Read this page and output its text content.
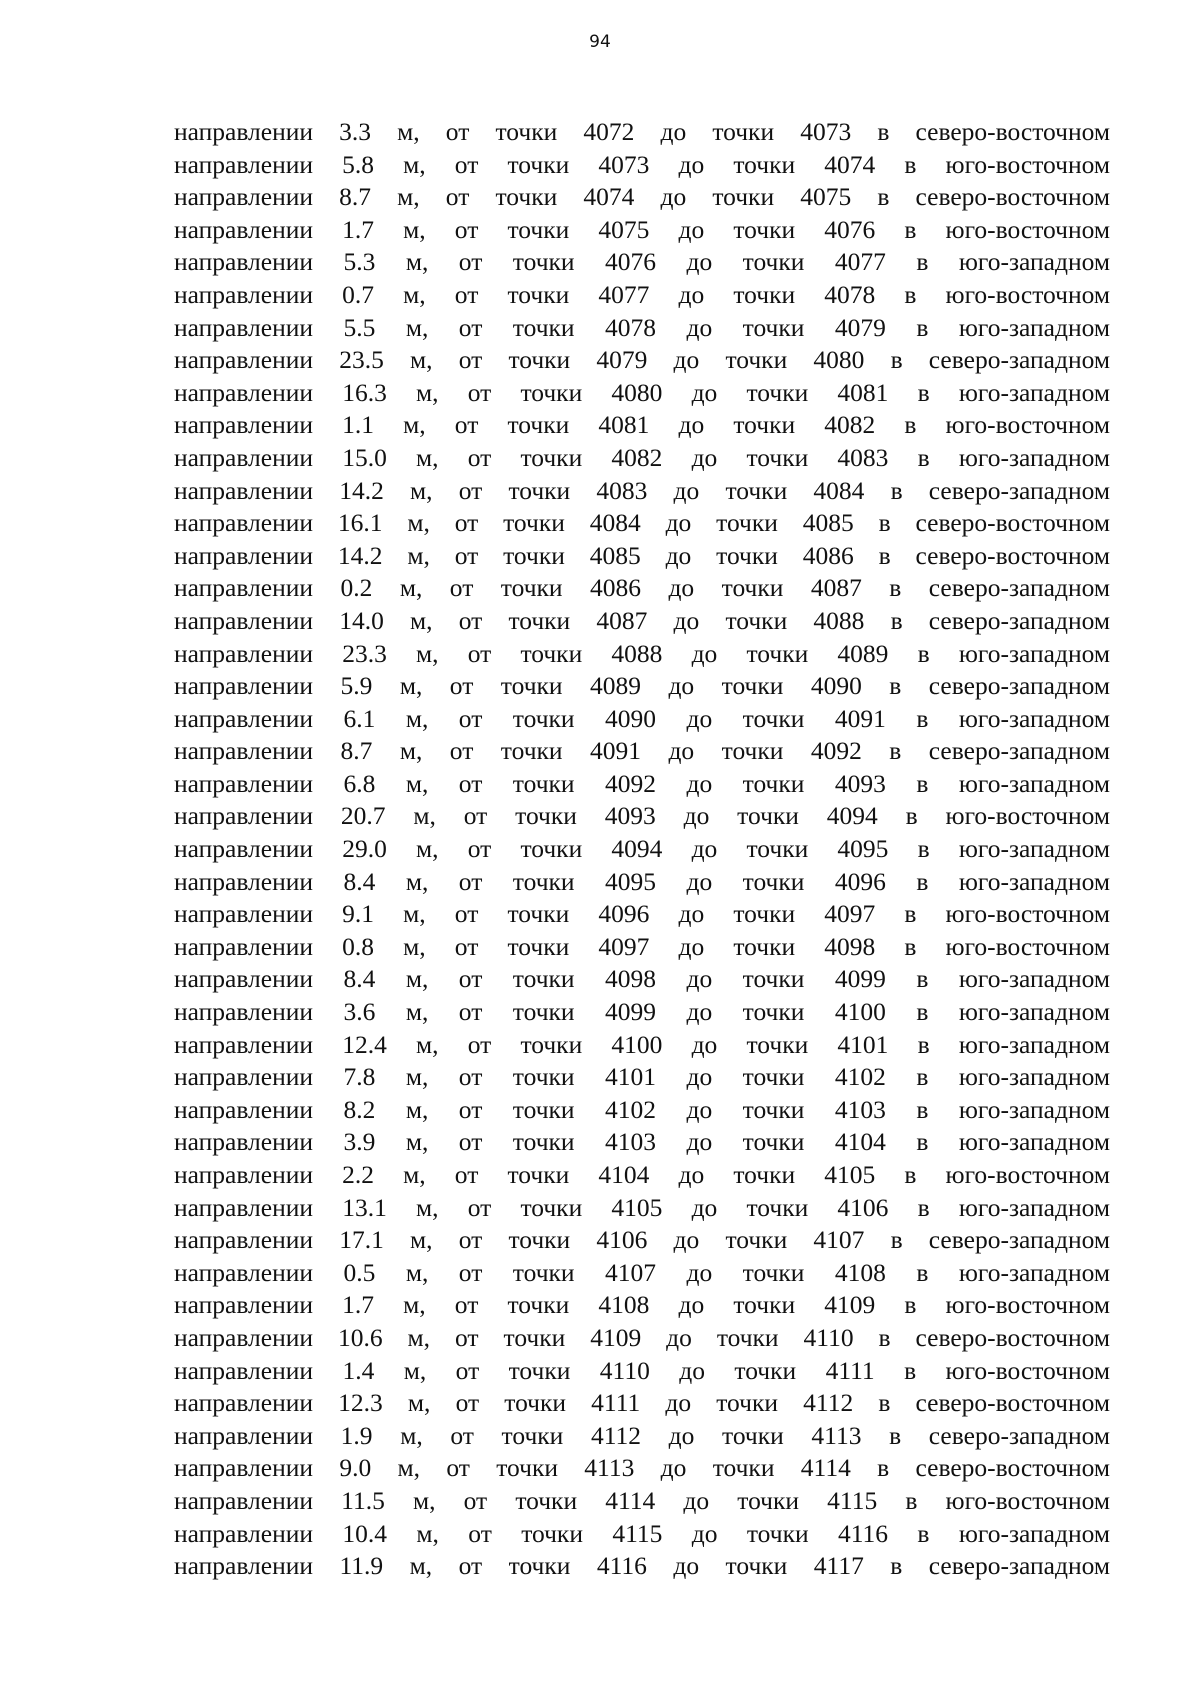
94
направлении 3.3 м, от точки 4072 до точки 4073 в северо-восточном
направлении 5.8 м, от точки 4073 до точки 4074 в юго-восточном
направлении 8.7 м, от точки 4074 до точки 4075 в северо-восточном
направлении 1.7 м, от точки 4075 до точки 4076 в юго-восточном
направлении 5.3 м, от точки 4076 до точки 4077 в юго-западном
направлении 0.7 м, от точки 4077 до точки 4078 в юго-восточном
направлении 5.5 м, от точки 4078 до точки 4079 в юго-западном
направлении 23.5 м, от точки 4079 до точки 4080 в северо-западном
направлении 16.3 м, от точки 4080 до точки 4081 в юго-западном
направлении 1.1 м, от точки 4081 до точки 4082 в юго-восточном
направлении 15.0 м, от точки 4082 до точки 4083 в юго-западном
направлении 14.2 м, от точки 4083 до точки 4084 в северо-западном
направлении 16.1 м, от точки 4084 до точки 4085 в северо-восточном
направлении 14.2 м, от точки 4085 до точки 4086 в северо-восточном
направлении 0.2 м, от точки 4086 до точки 4087 в северо-западном
направлении 14.0 м, от точки 4087 до точки 4088 в северо-западном
направлении 23.3 м, от точки 4088 до точки 4089 в юго-западном
направлении 5.9 м, от точки 4089 до точки 4090 в северо-западном
направлении 6.1 м, от точки 4090 до точки 4091 в юго-западном
направлении 8.7 м, от точки 4091 до точки 4092 в северо-западном
направлении 6.8 м, от точки 4092 до точки 4093 в юго-западном
направлении 20.7 м, от точки 4093 до точки 4094 в юго-восточном
направлении 29.0 м, от точки 4094 до точки 4095 в юго-западном
направлении 8.4 м, от точки 4095 до точки 4096 в юго-западном
направлении 9.1 м, от точки 4096 до точки 4097 в юго-восточном
направлении 0.8 м, от точки 4097 до точки 4098 в юго-восточном
направлении 8.4 м, от точки 4098 до точки 4099 в юго-западном
направлении 3.6 м, от точки 4099 до точки 4100 в юго-западном
направлении 12.4 м, от точки 4100 до точки 4101 в юго-западном
направлении 7.8 м, от точки 4101 до точки 4102 в юго-западном
направлении 8.2 м, от точки 4102 до точки 4103 в юго-западном
направлении 3.9 м, от точки 4103 до точки 4104 в юго-западном
направлении 2.2 м, от точки 4104 до точки 4105 в юго-восточном
направлении 13.1 м, от точки 4105 до точки 4106 в юго-западном
направлении 17.1 м, от точки 4106 до точки 4107 в северо-западном
направлении 0.5 м, от точки 4107 до точки 4108 в юго-западном
направлении 1.7 м, от точки 4108 до точки 4109 в юго-восточном
направлении 10.6 м, от точки 4109 до точки 4110 в северо-восточном
направлении 1.4 м, от точки 4110 до точки 4111 в юго-восточном
направлении 12.3 м, от точки 4111 до точки 4112 в северо-восточном
направлении 1.9 м, от точки 4112 до точки 4113 в северо-западном
направлении 9.0 м, от точки 4113 до точки 4114 в северо-восточном
направлении 11.5 м, от точки 4114 до точки 4115 в юго-восточном
направлении 10.4 м, от точки 4115 до точки 4116 в юго-западном
направлении 11.9 м, от точки 4116 до точки 4117 в северо-западном
